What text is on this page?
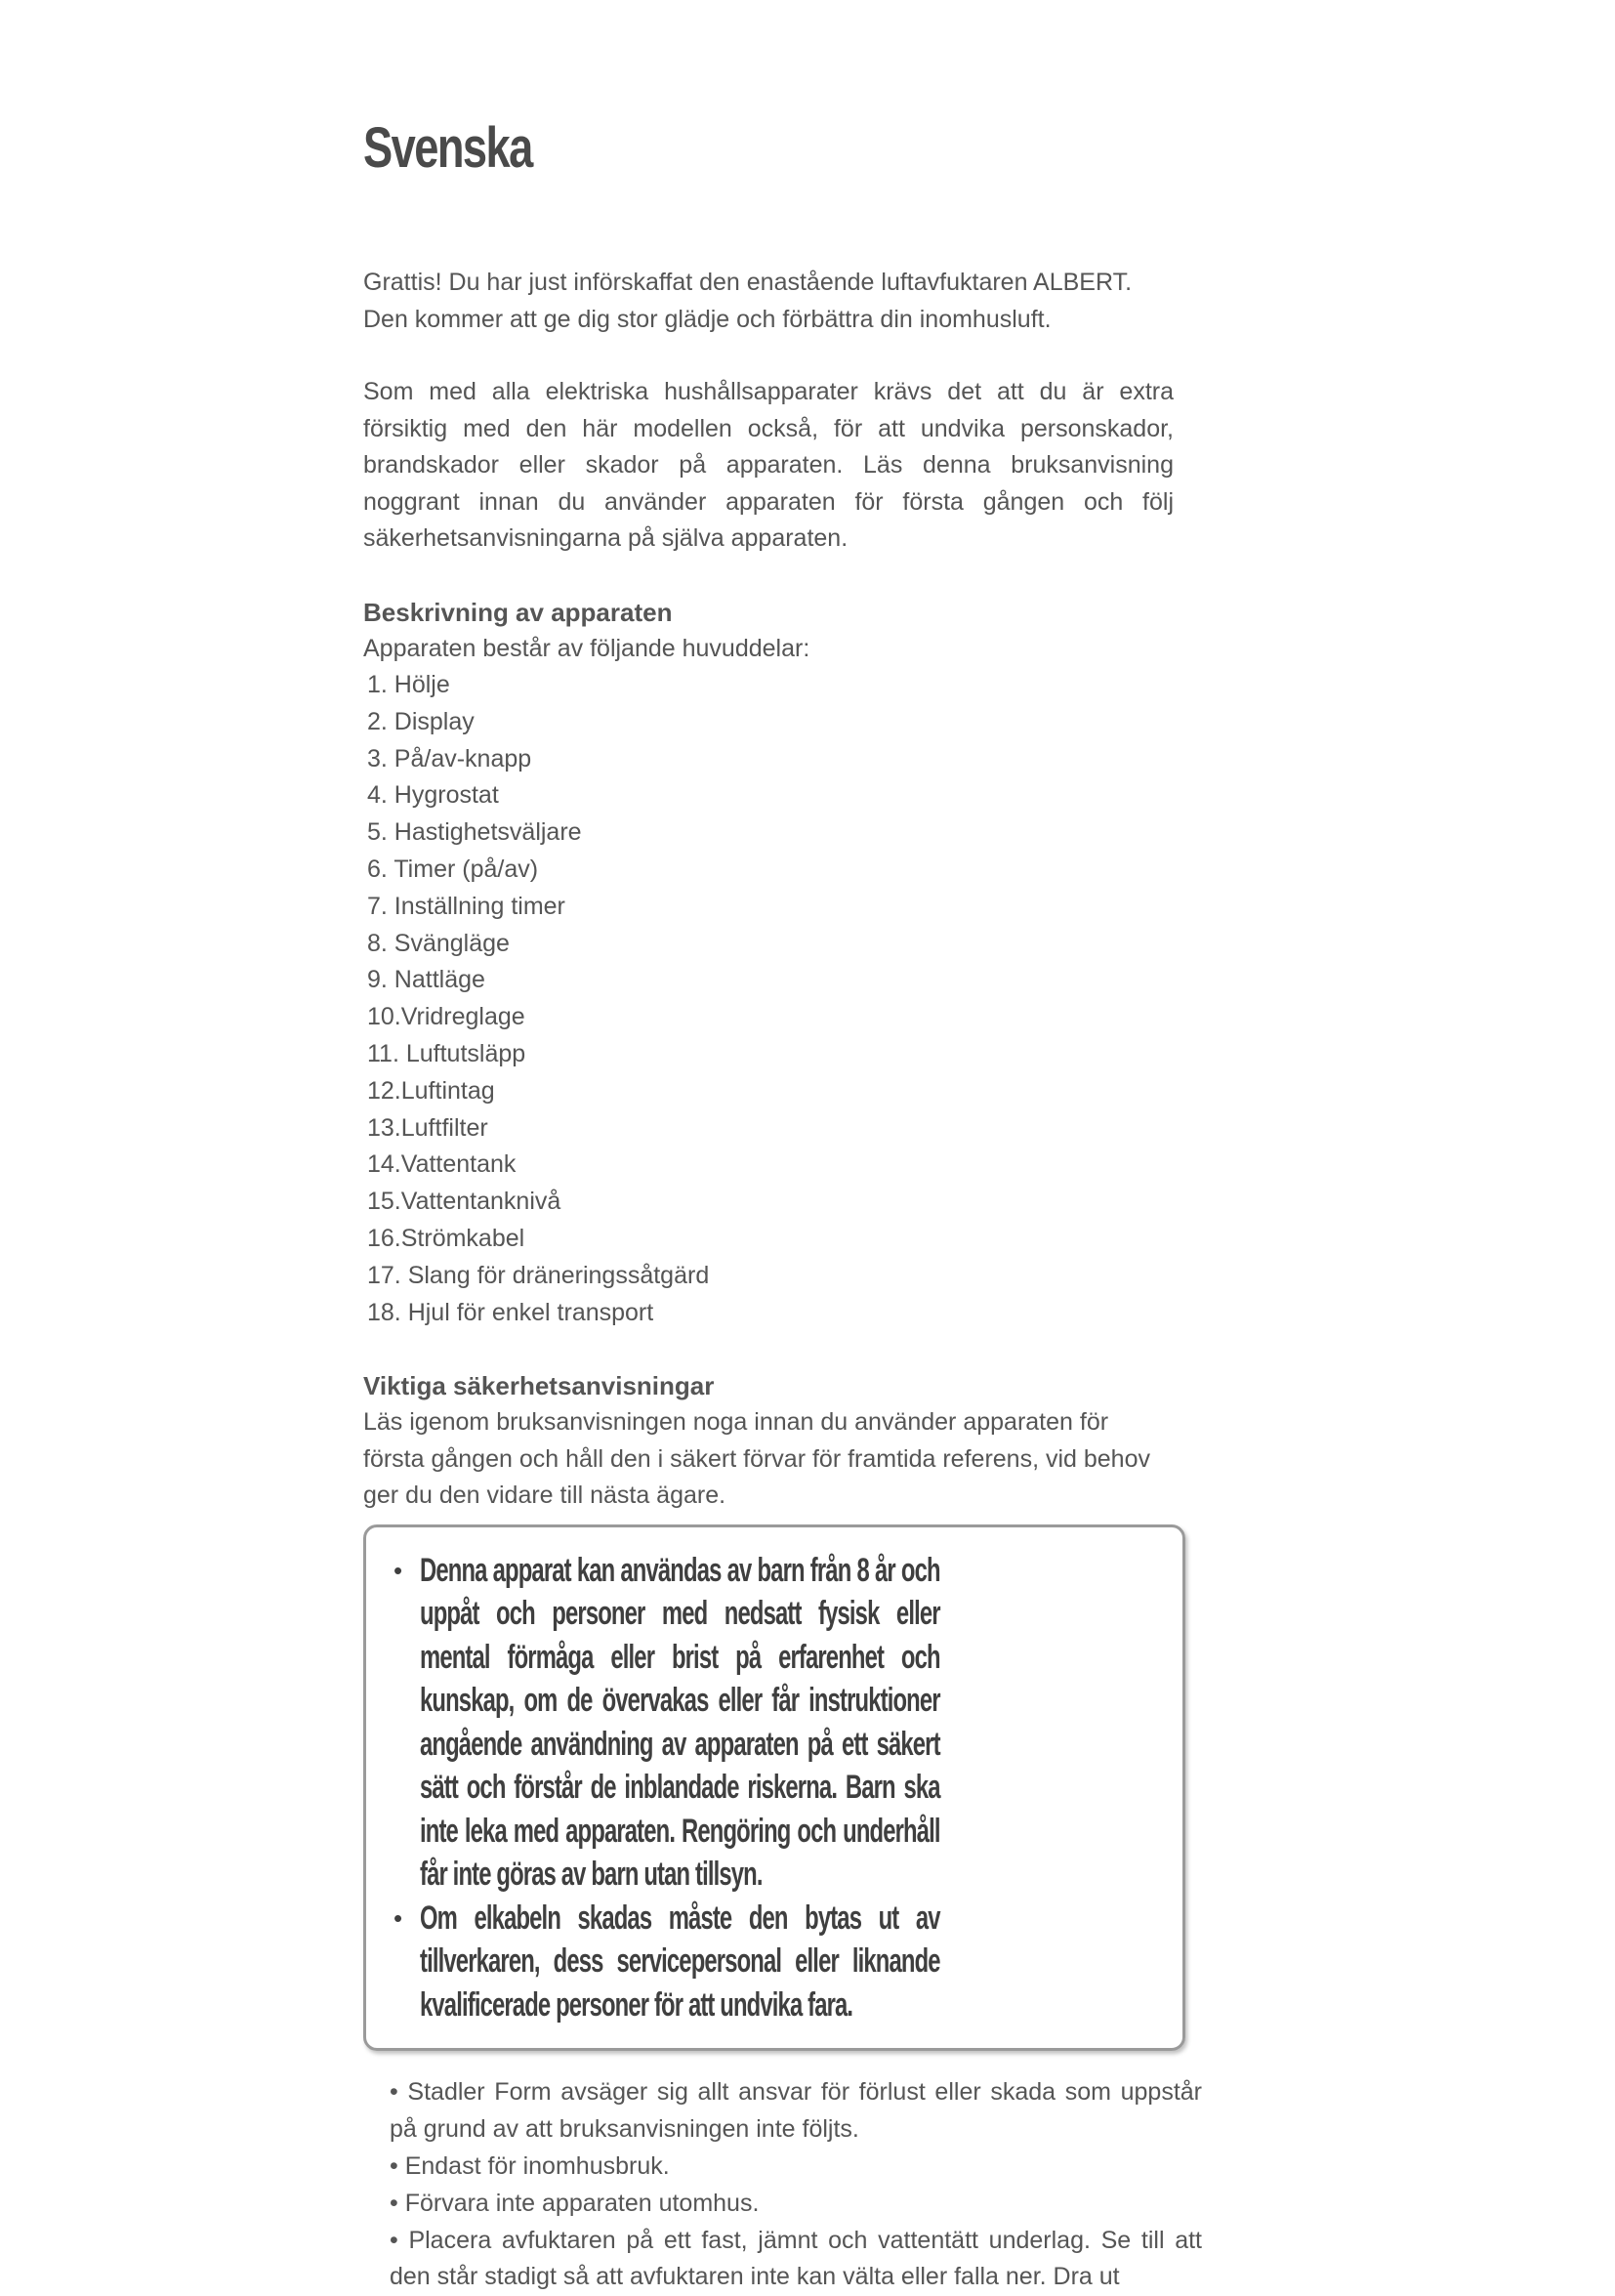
Svenska

Grattis! Du har just införskaffat den enastående luftavfuktaren ALBERT. Den kommer att ge dig stor glädje och förbättra din inomhusluft.

Som med alla elektriska hushållsapparater krävs det att du är extra försiktig med den här modellen också, för att undvika personskador, brandskador eller skador på apparaten. Läs denna bruksanvisning noggrant innan du använder apparaten för första gången och följ säkerhetsanvisningarna på själva apparaten.

Beskrivning av apparaten

Apparaten består av följande huvuddelar:

1. Hölje
2. Display
3. På/av-knapp
4. Hygrostat
5. Hastighetsväljare
6. Timer (på/av)
7. Inställning timer
8. Svängläge
9. Nattläge
10.Vridreglage
11. Luftutsläpp
12.Luftintag
13.Luftfilter
14.Vattentank
15.Vattentanknivå
16.Strömkabel
17. Slang för dräneringssåtgärd
18. Hjul för enkel transport
Viktiga säkerhetsanvisningar

Läs igenom bruksanvisningen noga innan du använder apparaten för första gången och håll den i säkert förvar för framtida referens, vid behov ger du den vidare till nästa ägare.

• Denna apparat kan användas av barn från 8 år och uppåt och personer med nedsatt fysisk eller mental förmåga eller brist på erfarenhet och kunskap, om de övervakas eller får instruktioner angående användning av apparaten på ett säkert sätt och förstår de inblandade riskerna. Barn ska inte leka med apparaten. Rengöring och underhåll får inte göras av barn utan tillsyn.
• Om elkabeln skadas måste den bytas ut av tillverkaren, dess servicepersonal eller liknande kvalificerade personer för att undvika fara.

• Stadler Form avsäger sig allt ansvar för förlust eller skada som uppstår på grund av att bruksanvisningen inte följts.

• Endast för inomhusbruk.

• Förvara inte apparaten utomhus.

• Placera avfuktaren på ett fast, jämnt och vattentätt underlag. Se till att den står stadigt så att avfuktaren inte kan välta eller falla ner. Dra ut
